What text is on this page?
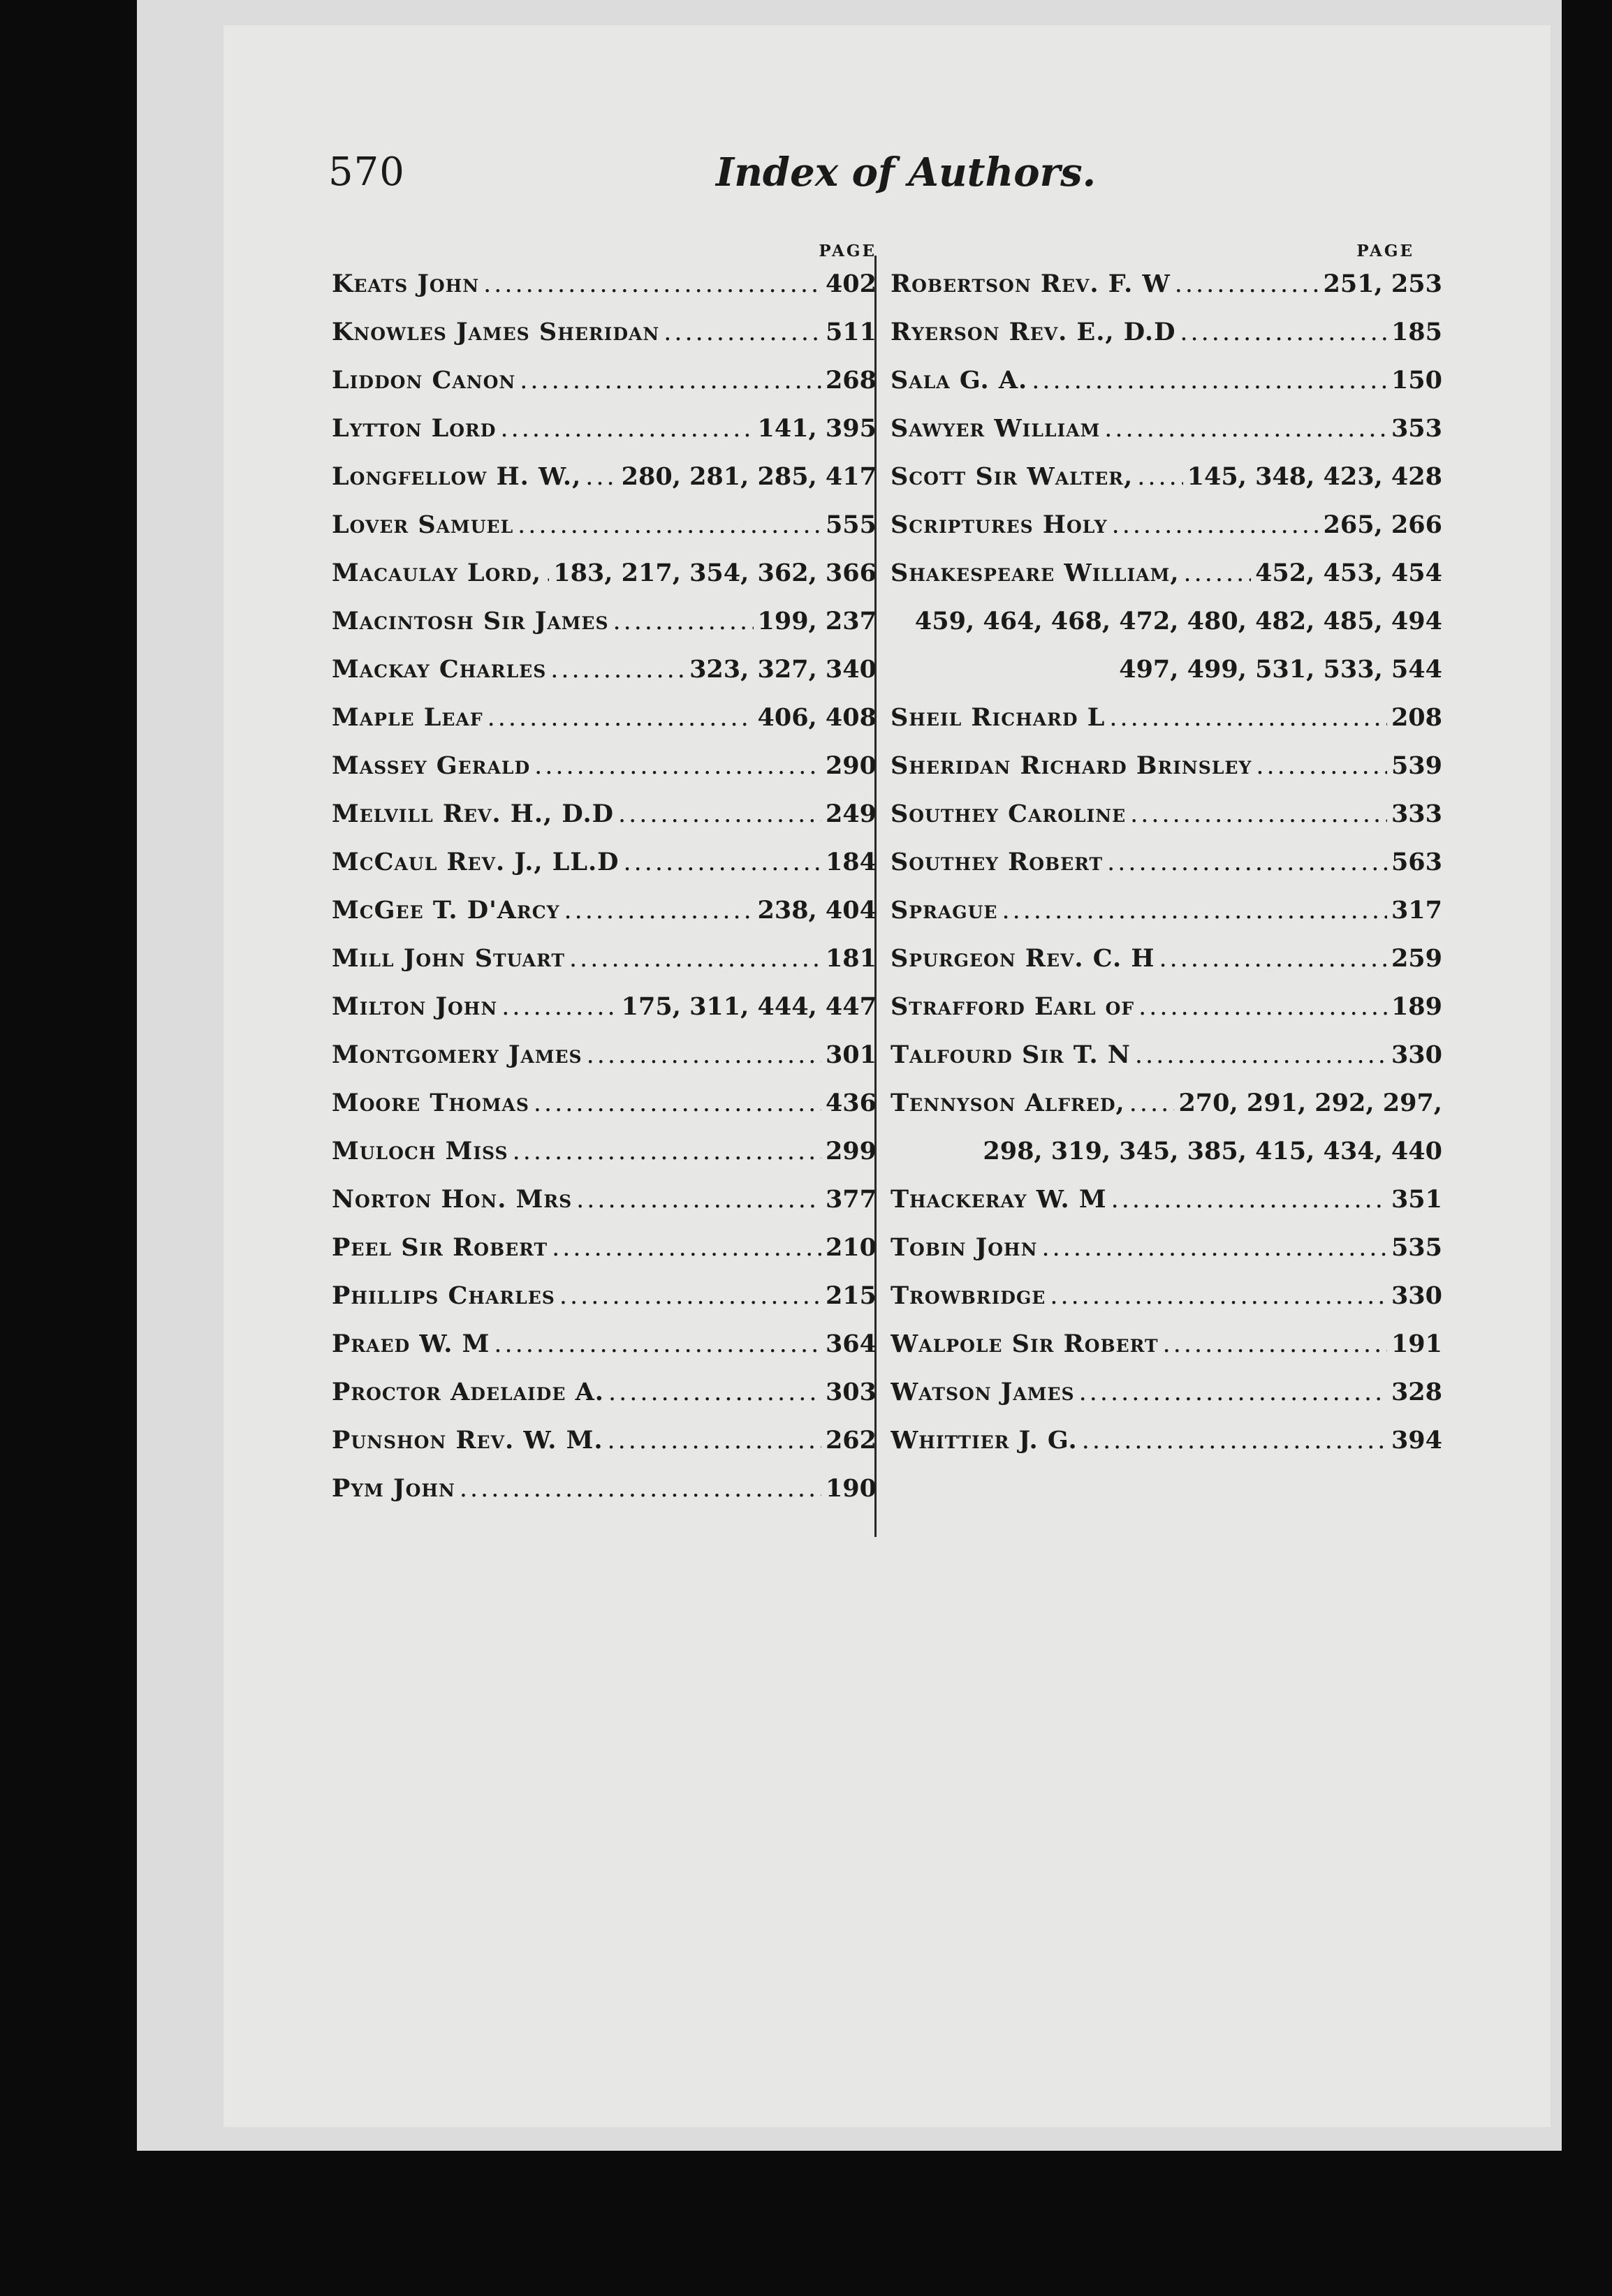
570	Index of Authors.
PAGE
Keats John .....	402
Knowles James Sheridan .....	511
Liddon Canon .....	268
Lytton Lord .....	141, 395
Longfellow H. W., ..... 280, 281, 285, 417
Lover Samuel .....	555
Macaulay Lord, ..... 183, 217, 354, 362, 366
Macintosh Sir James .....	199, 237
Mackay Charles .....	323, 327, 340
Maple Leaf .....	406, 408
Massey Gerald .....	290
Melvill Rev. H., D.D .....	249
McCaul Rev. J., LL.D .....	184
McGee T. D'Arcy .....	238, 404
Mill John Stuart .....	181
Milton John .....	175, 311, 444, 447
Montgomery James .....	301
Moore Thomas .....	436
Muloch Miss .....	299
Norton Hon. Mrs .....	377
Peel Sir Robert .....	210
Phillips Charles .....	215
Praed W. M .....	364
Proctor Adelaide A. .....	303
Punshon Rev. W. M. .....	262
Pym John .....	190
PAGE
Robertson Rev. F. W .....	251, 253
Ryerson Rev. E., D.D .....	185
Sala G. A. .....	150
Sawyer William .....	353
Scott Sir Walter, ..... 145, 348, 423, 428
Scriptures Holy .....	265, 266
Shakespeare William, .....	452, 453, 454
459, 464, 468, 472, 480, 482, 485, 494
497, 499, 531, 533, 544
Sheil Richard L .....	208
Sheridan Richard Brinsley .....	539
Southey Caroline .....	333
Southey Robert .....	563
Sprague .....	317
Spurgeon Rev. C. H .....	259
Strafford Earl of .....	189
Talfourd Sir T. N .....	330
Tennyson Alfred, ..... 270, 291, 292, 297,
298, 319, 345, 385, 415, 434, 440
Thackeray W. M .....	351
Tobin John .....	535
Trowbridge .....	330
Walpole Sir Robert .....	191
Watson James .....	328
Whittier J. G. .....	394
